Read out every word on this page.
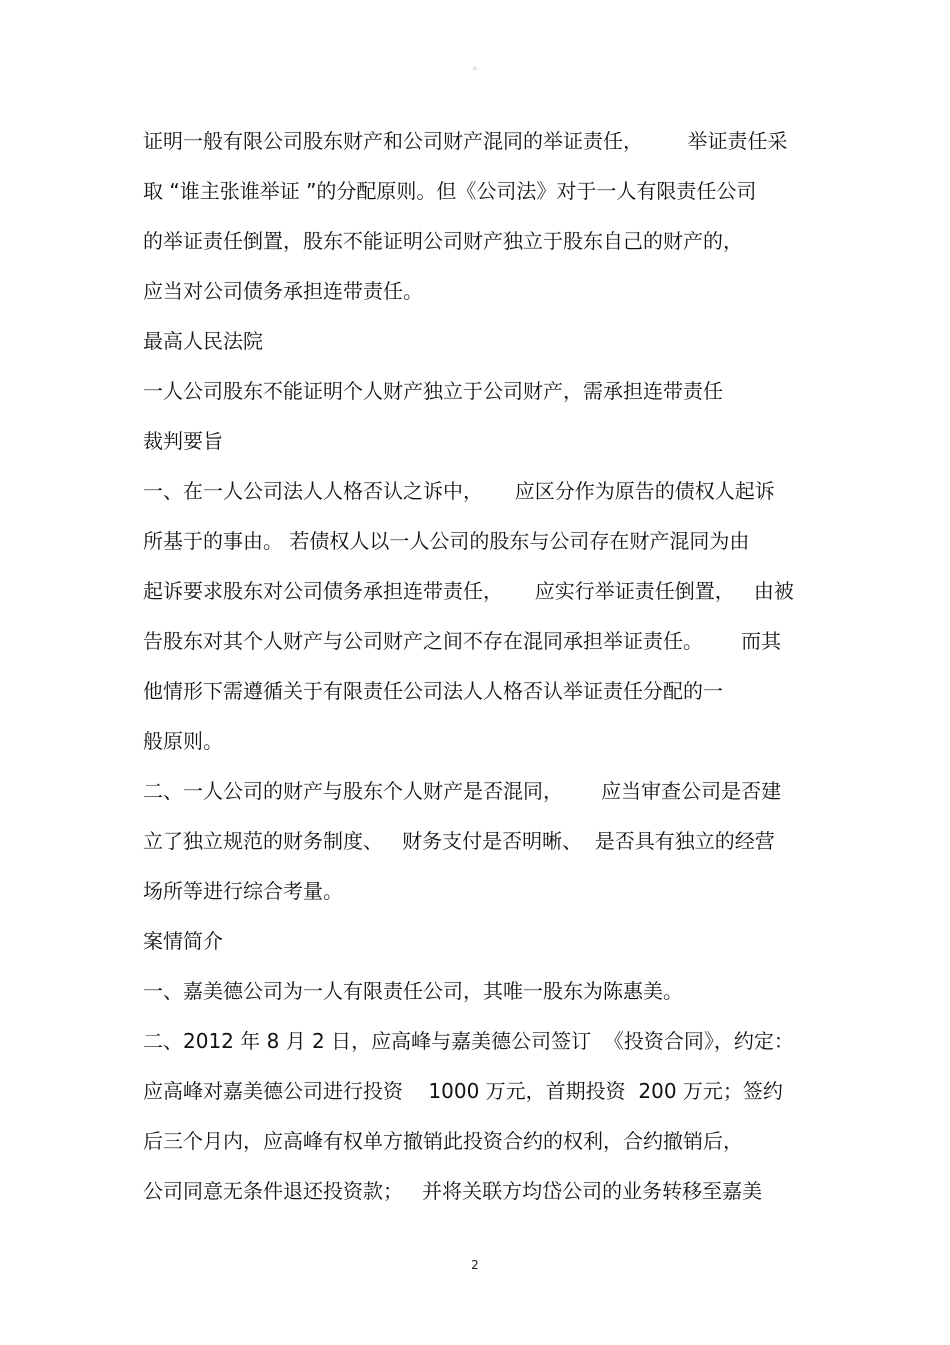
◦
证明一般有限公司股东财产和公司财产混同的举证责任，       举证责任采
取 “谁主张谁举证 ”的分配原则。但《公司法》对于一人有限责任公司
的举证责任倒置，股东不能证明公司财产独立于股东自己的财产的，
应当对公司债务承担连带责任。
最高人民法院
一人公司股东不能证明个人财产独立于公司财产，需承担连带责任
裁判要旨
一、在一人公司法人人格否认之诉中，     应区分作为原告的债权人起诉
所基于的事由。 若债权人以一人公司的股东与公司存在财产混同为由
起诉要求股东对公司债务承担连带责任，     应实行举证责任倒置，   由被
告股东对其个人财产与公司财产之间不存在混同承担举证责任。      而其
他情形下需遵循关于有限责任公司法人人格否认举证责任分配的一
般原则。
二、一人公司的财产与股东个人财产是否混同，      应当审查公司是否建
立了独立规范的财务制度、   财务支付是否明晰、  是否具有独立的经营
场所等进行综合考量。
案情简介
一、嘉美德公司为一人有限责任公司，其唯一股东为陈惠美。
二、2012 年 8 月 2 日，应高峰与嘉美德公司签订  《投资合同》，约定：
应高峰对嘉美德公司进行投资    1000 万元，首期投资  200 万元；签约
后三个月内，应高峰有权单方撤销此投资合约的权利，合约撤销后，
公司同意无条件退还投资款；   并将关联方均岱公司的业务转移至嘉美
2
